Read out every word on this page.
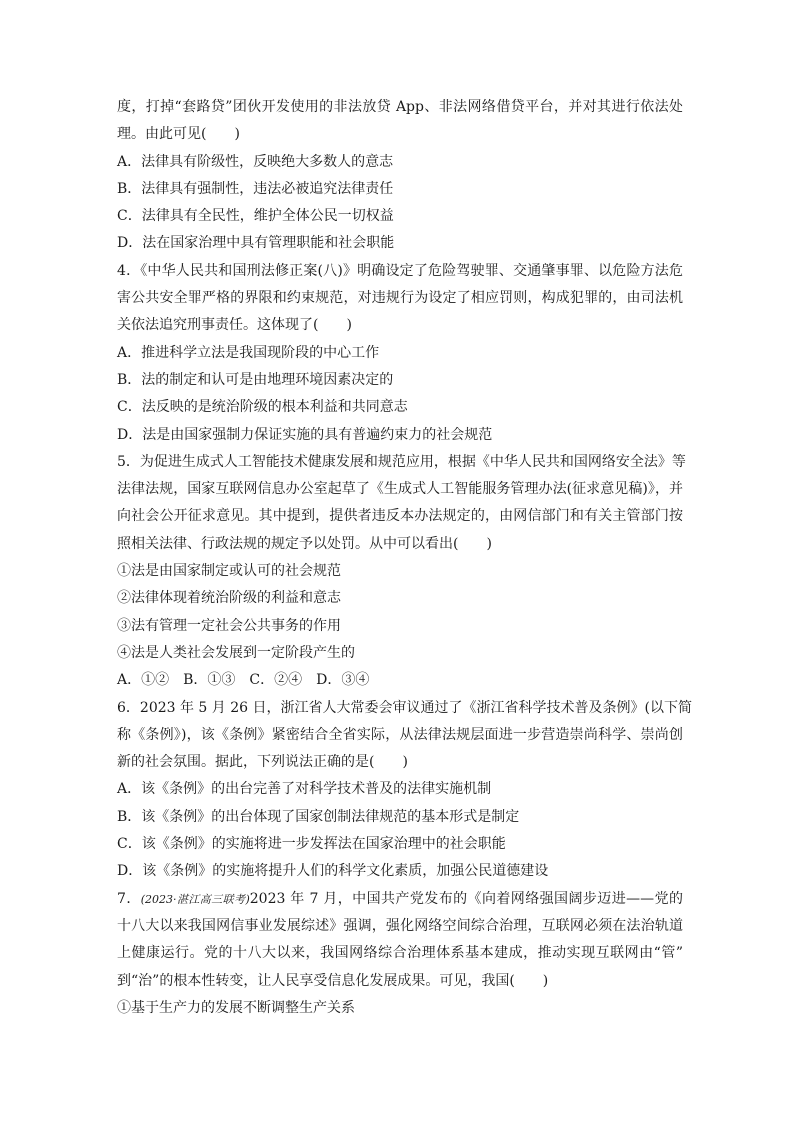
度，打掉“套路贷”团伙开发使用的非法放贷 App、非法网络借贷平台，并对其进行依法处
理。由此可见(　　)
A．法律具有阶级性，反映绝大多数人的意志
B．法律具有强制性，违法必被追究法律责任
C．法律具有全民性，维护全体公民一切权益
D．法在国家治理中具有管理职能和社会职能
4．《中华人民共和国刑法修正案(八)》明确设定了危险驾驶罪、交通肇事罪、以危险方法危
害公共安全罪严格的界限和约束规范，对违规行为设定了相应罚则，构成犯罪的，由司法机
关依法追究刑事责任。这体现了(　　)
A．推进科学立法是我国现阶段的中心工作
B．法的制定和认可是由地理环境因素决定的
C．法反映的是统治阶级的根本利益和共同意志
D．法是由国家强制力保证实施的具有普遍约束力的社会规范
5．为促进生成式人工智能技术健康发展和规范应用，根据《中华人民共和国网络安全法》等
法律法规，国家互联网信息办公室起草了《生成式人工智能服务管理办法(征求意见稿)》，并
向社会公开征求意见。其中提到，提供者违反本办法规定的，由网信部门和有关主管部门按
照相关法律、行政法规的规定予以处罚。从中可以看出(　　)
①法是由国家制定或认可的社会规范
②法律体现着统治阶级的利益和意志
③法有管理一定社会公共事务的作用
④法是人类社会发展到一定阶段产生的
A．①②　B．①③　C．②④　D．③④
6．2023 年 5 月 26 日，浙江省人大常委会审议通过了《浙江省科学技术普及条例》(以下简
称《条例》)，该《条例》紧密结合全省实际，从法律法规层面进一步营造崇尚科学、崇尚创
新的社会氛围。据此，下列说法正确的是(　　)
A．该《条例》的出台完善了对科学技术普及的法律实施机制
B．该《条例》的出台体现了国家创制法律规范的基本形式是制定
C．该《条例》的实施将进一步发挥法在国家治理中的社会职能
D．该《条例》的实施将提升人们的科学文化素质，加强公民道德建设
7．(2023·湛江高三联考)2023 年 7 月，中国共产党发布的《向着网络强国阔步迈进——党的
十八大以来我国网信事业发展综述》强调，强化网络空间综合治理，互联网必须在法治轨道
上健康运行。党的十八大以来，我国网络综合治理体系基本建成，推动实现互联网由“管”
到“治”的根本性转变，让人民享受信息化发展成果。可见，我国(　　)
①基于生产力的发展不断调整生产关系
